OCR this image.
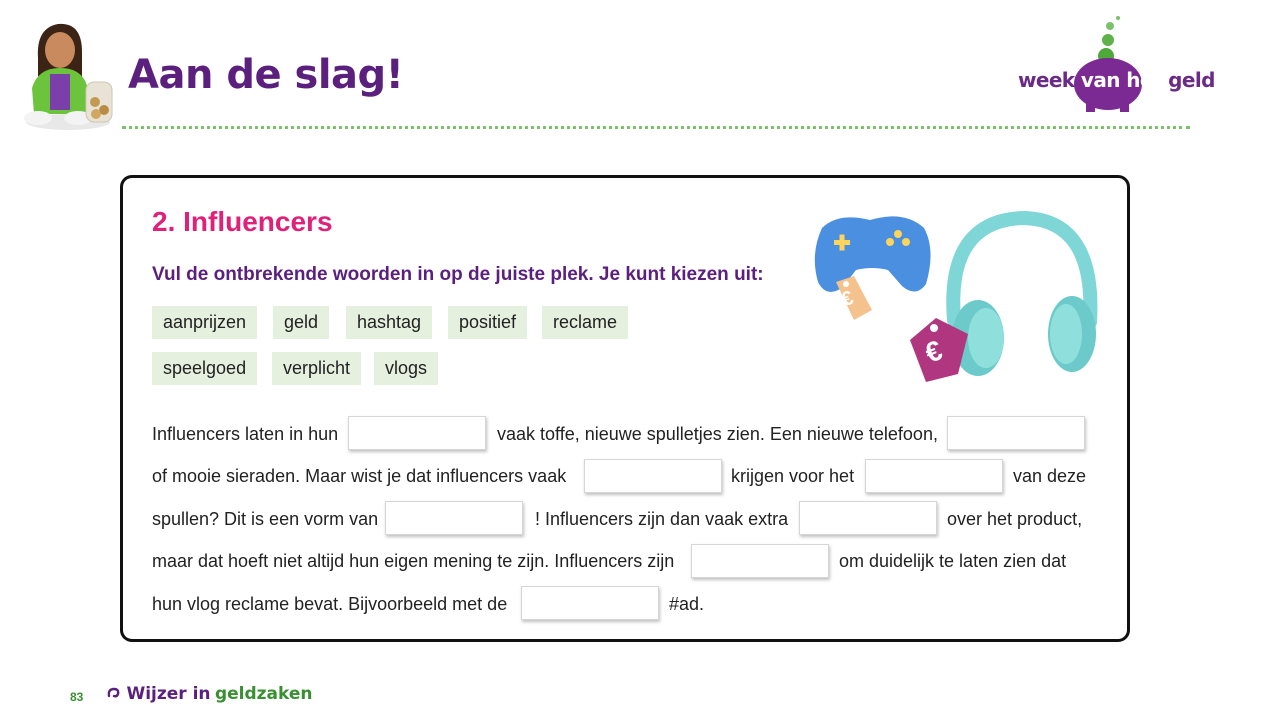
Aan de slag!	week van het geld
2. Influencers
Vul de ontbrekende woorden in op de juiste plek. Je kunt kiezen uit:
aanprijzen	geld	hashtag	positief	reclame
speelgoed	verplicht	vlogs
€
€
Influencers laten in hun	vaak toffe, nieuwe spulletjes zien. Een nieuwe telefoon,
of mooie sieraden. Maar wist je dat influencers vaak	krijgen voor het	van deze
spullen? Dit is een vorm van	! Influencers zijn dan vaak extra	over het product,
maar dat hoeft niet altijd hun eigen mening te zijn. Influencers zijn	om duidelijk te laten zien dat
hun vlog reclame bevat. Bijvoorbeeld met de	#ad.
83	Wijzer in geldzaken
